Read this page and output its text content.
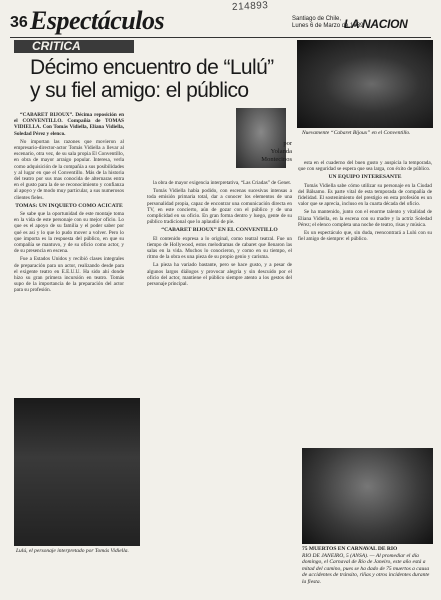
214893
36 Espectáculos	Santiago de Chile,
Lunes 6 de Marzo de 1989
LA NACION
CRITICA
Décimo encuentro de “Lulú” y su fiel amigo: el público
por
Yolanda
Montecinos
Nuevamente “Cabaret Bijoux” en el Conventillo.

“CABARET BIJOUX”. Décima reposición en el CONVENTILLO. Compañía de TOMAS VIDIELLA. Con Tomás Vidiella, Eliana Vidiella, Soledad Pérez y elenco.

No importan las razones que movieron al empresario-director-actor Tomás Vidiella a llevar al escenario, otra vez, de su sala propia El Conventillo, en obra de mayor arraigo popular. Interesa, verla como adquisición de la compañía a sus posibilidades y al lugar en que el Conventillo. Más de la historia del teatro por sus mas conocida de alternaras entra en el gusto para la de se reconocimiento y confianza al apoyo y de modo muy particular, a sus numerosos clientes fieles.

TOMAS: UN INQUIETO COMO ACICATE

Se sabe que la oportunidad de este montaje toma en la vida de este personaje con su mejor oficio. Lo que es el apoyo de su familia y el poder saber por qué es así y lo que lo pudo mover a volver. Pero lo que importa es la respuesta del público, en que su compañía se mantuvo, y de su oficio como actor, y de su presencia en escena.

Fue a Estados Unidos y recibió clases integrales de preparación para un actor, realizando desde para el exigente teatro en E.E.U.U. Ha sido ahí donde hizo su gran primera incursión en teatro. Tomás supo de la importancia de la preparación del actor para su profesión.

la obra de mayor exigencia interpretativa, “Las Criadas” de Genet.

Tomás Vidiella había podido, con escenas sucesivas intensas a toda emisión primaria total, dar a conocer los elementos de una personalidad propia, capaz de encontrar una comunicación directa en TV, en este concierto, aún de gozar con el público y de una complicidad en su oficio. En gran forma dentro y luego, gente de su público tradicional que lo aplaudió de pie.

“CABARET BIJOUX” EN EL CONVENTILLO

El contenido expresa a lo original, como teatral teatral. Fue un tiempo de Hollywood, estos melodramas de cabaret que llenaron las salas en la vida. Muchos lo conocieron, y como en su tiempo, el ritmo de la obra es una pieza de su propio genio y carisma.

La pieza ha variado bastante, pero se hace gusto, y a pesar de algunos largos diálogos y provocar alegría y sin descuido por el oficio del actor, mantiene el público siempre atento a los gestos del personaje principal.

esta en el cuaderno del buen gusto y auspicia la temporada, que con seguridad se espera que sea larga, con éxito de público.

UN EQUIPO INTERESANTE

Tomás Vidiella sabe cómo utilizar su personaje en la Ciudad del Bálsamo. Es parte vital de esta temporada de compañía de fidelidad. El sostenimiento del prestigio en esta profesión es un valor que se aprecia, incluso en la cuarta década del oficio.

Se ha mantenido, junto con el enorme talento y vitalidad de Eliana Vidiella, en la escena con su madre y la actriz Soledad Pérez; el elenco completa una noche de teatro, risas y música.

Es un espectáculo que, sin duda, reencontrará a Lulú con su fiel amigo de siempre: el público.

Lulú, el personaje interpretado por Tomás Vidiella.	75 MUERTOS EN CARNAVAL DE RIO
RIO DE JANEIRO, 5 (ANSA). — Al promediar el día domingo, el Carnaval de Río de Janeiro, este año está a mitad del camino, pues se ha dado de 75 muertos a causa de accidentes de tránsito, riñas y otros incidentes durante la fiesta.
